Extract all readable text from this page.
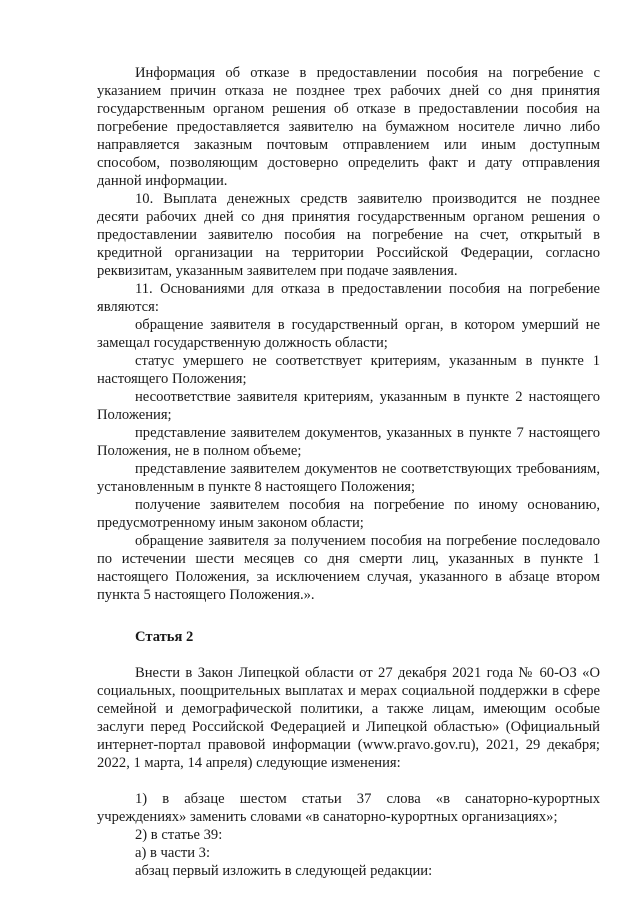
Информация об отказе в предоставлении пособия на погребение с указанием причин отказа не позднее трех рабочих дней со дня принятия государственным органом решения об отказе в предоставлении пособия на погребение предоставляется заявителю на бумажном носителе лично либо направляется заказным почтовым отправлением или иным доступным способом, позволяющим достоверно определить факт и дату отправления данной информации.

10. Выплата денежных средств заявителю производится не позднее десяти рабочих дней со дня принятия государственным органом решения о предоставлении заявителю пособия на погребение на счет, открытый в кредитной организации на территории Российской Федерации, согласно реквизитам, указанным заявителем при подаче заявления.

11. Основаниями для отказа в предоставлении пособия на погребение являются:

обращение заявителя в государственный орган, в котором умерший не замещал государственную должность области;

статус умершего не соответствует критериям, указанным в пункте 1 настоящего Положения;

несоответствие заявителя критериям, указанным в пункте 2 настоящего Положения;

представление заявителем документов, указанных в пункте 7 настоящего Положения, не в полном объеме;

представление заявителем документов не соответствующих требованиям, установленным в пункте 8 настоящего Положения;

получение заявителем пособия на погребение по иному основанию, предусмотренному иным законом области;

обращение заявителя за получением пособия на погребение последовало по истечении шести месяцев со дня смерти лиц, указанных в пункте 1 настоящего Положения, за исключением случая, указанного в абзаце втором пункта 5 настоящего Положения.».

Статья 2

Внести в Закон Липецкой области от 27 декабря 2021 года № 60-ОЗ «О социальных, поощрительных выплатах и мерах социальной поддержки в сфере семейной и демографической политики, а также лицам, имеющим особые заслуги перед Российской Федерацией и Липецкой областью» (Официальный интернет-портал правовой информации (www.pravo.gov.ru), 2021, 29 декабря; 2022, 1 марта, 14 апреля) следующие изменения:

1) в абзаце шестом статьи 37 слова «в санаторно-курортных учреждениях» заменить словами «в санаторно-курортных организациях»;

2) в статье 39:

а) в части 3:

абзац первый изложить в следующей редакции:
